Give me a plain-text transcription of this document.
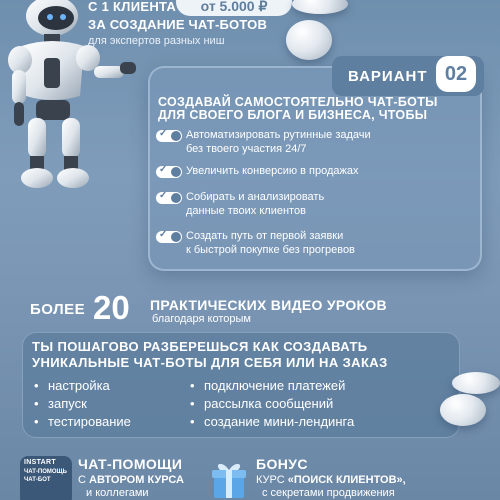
от 5.000 ₽
С 1 КЛИЕНТА
ЗА СОЗДАНИЕ ЧАТ-БОТОВ
для экспертов разных ниш
ВАРИАНТ 02
СОЗДАВАЙ САМОСТОЯТЕЛЬНО ЧАТ-БОТЫ
ДЛЯ СВОЕГО БЛОГА И БИЗНЕСА, ЧТОБЫ
✓ Автоматизировать рутинные задачи
без твоего участия 24/7
✓ Увеличить конверсию в продажах
✓ Собирать и анализировать
данные твоих клиентов
✓ Создать путь от первой заявки
к быстрой покупке без прогревов
БОЛЕЕ 20 ПРАКТИЧЕСКИХ ВИДЕО УРОКОВ
благодаря которым
ТЫ ПОШАГОВО РАЗБЕРЕШЬСЯ КАК СОЗДАВАТЬ
УНИКАЛЬНЫЕ ЧАТ-БОТЫ ДЛЯ СЕБЯ ИЛИ НА ЗАКАЗ
• настройка
• запуск
• тестирование
• подключение платежей
• рассылка сообщений
• создание мини-лендинга
INSTART
ЧАТ-ПОМОЩЬ
ЧАТ-БОТ
ЧАТ-ПОМОЩИ
С АВТОРОМ КУРСА
и коллегами
БОНУС
КУРС «ПОИСК КЛИЕНТОВ»,
с секретами продвижения
